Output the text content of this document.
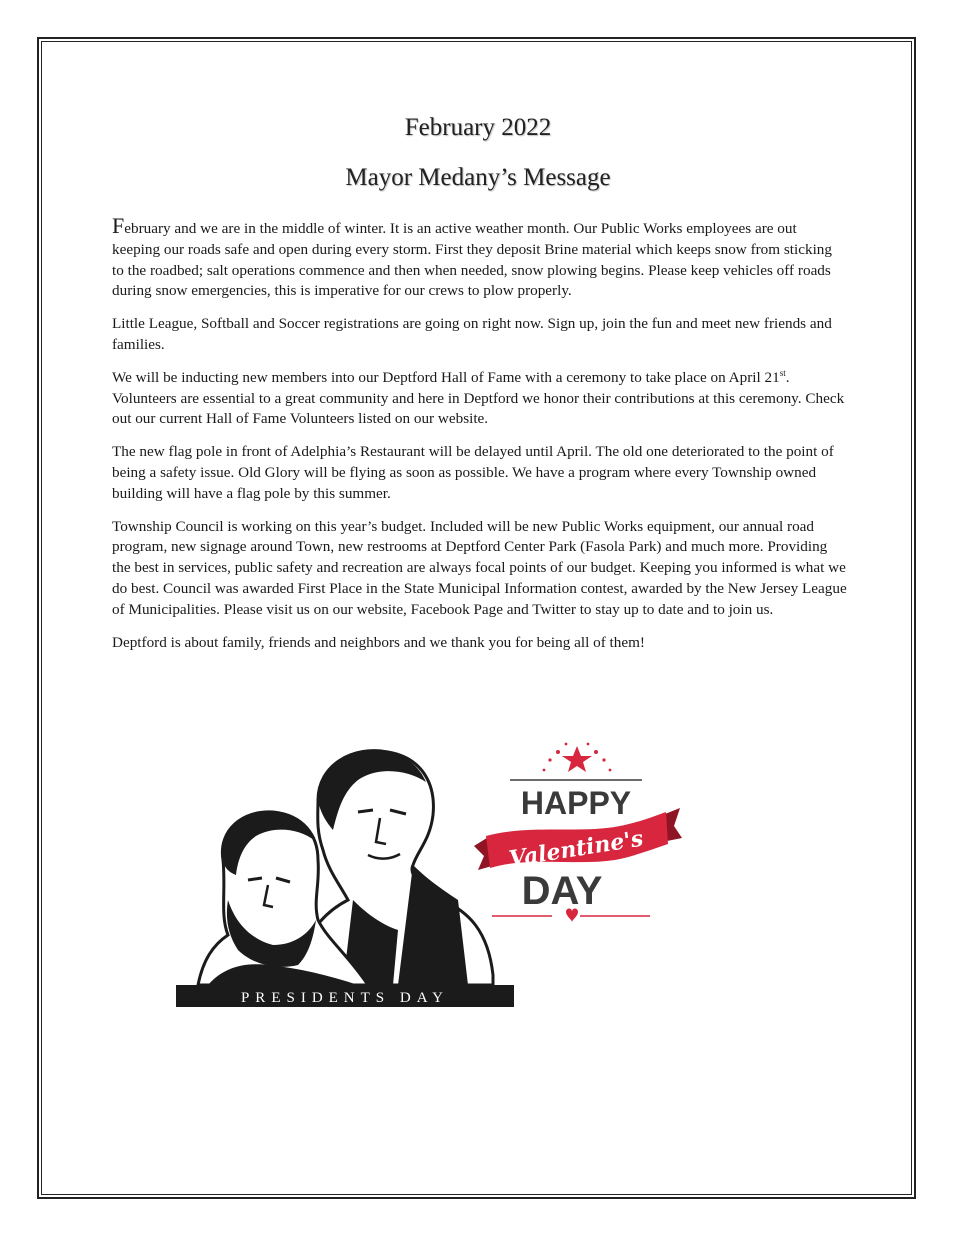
February 2022
Mayor Medany’s Message

February and we are in the middle of winter. It is an active weather month. Our Public Works employees are out keeping our roads safe and open during every storm. First they deposit Brine material which keeps snow from sticking to the roadbed; salt operations commence and then when needed, snow plowing begins. Please keep vehicles off roads during snow emergencies, this is imperative for our crews to plow properly.

Little League, Softball and Soccer registrations are going on right now. Sign up, join the fun and meet new friends and families.

We will be inducting new members into our Deptford Hall of Fame with a ceremony to take place on April 21st. Volunteers are essential to a great community and here in Deptford we honor their contributions at this ceremony. Check out our current Hall of Fame Volunteers listed on our website.

The new flag pole in front of Adelphia’s Restaurant will be delayed until April. The old one deteriorated to the point of being a safety issue. Old Glory will be flying as soon as possible. We have a program where every Township owned building will have a flag pole by this summer.

Township Council is working on this year’s budget. Included will be new Public Works equipment, our annual road program, new signage around Town, new restrooms at Deptford Center Park (Fasola Park) and much more. Providing the best in services, public safety and recreation are always focal points of our budget. Keeping you informed is what we do best. Council was awarded First Place in the State Municipal Information contest, awarded by the New Jersey League of Municipalities. Please visit us on our website, Facebook Page and Twitter to stay up to date and to join us.

Deptford is about family, friends and neighbors and we thank you for being all of them!

PRESIDENTS DAY
HAPPY
Valentine's
DAY
